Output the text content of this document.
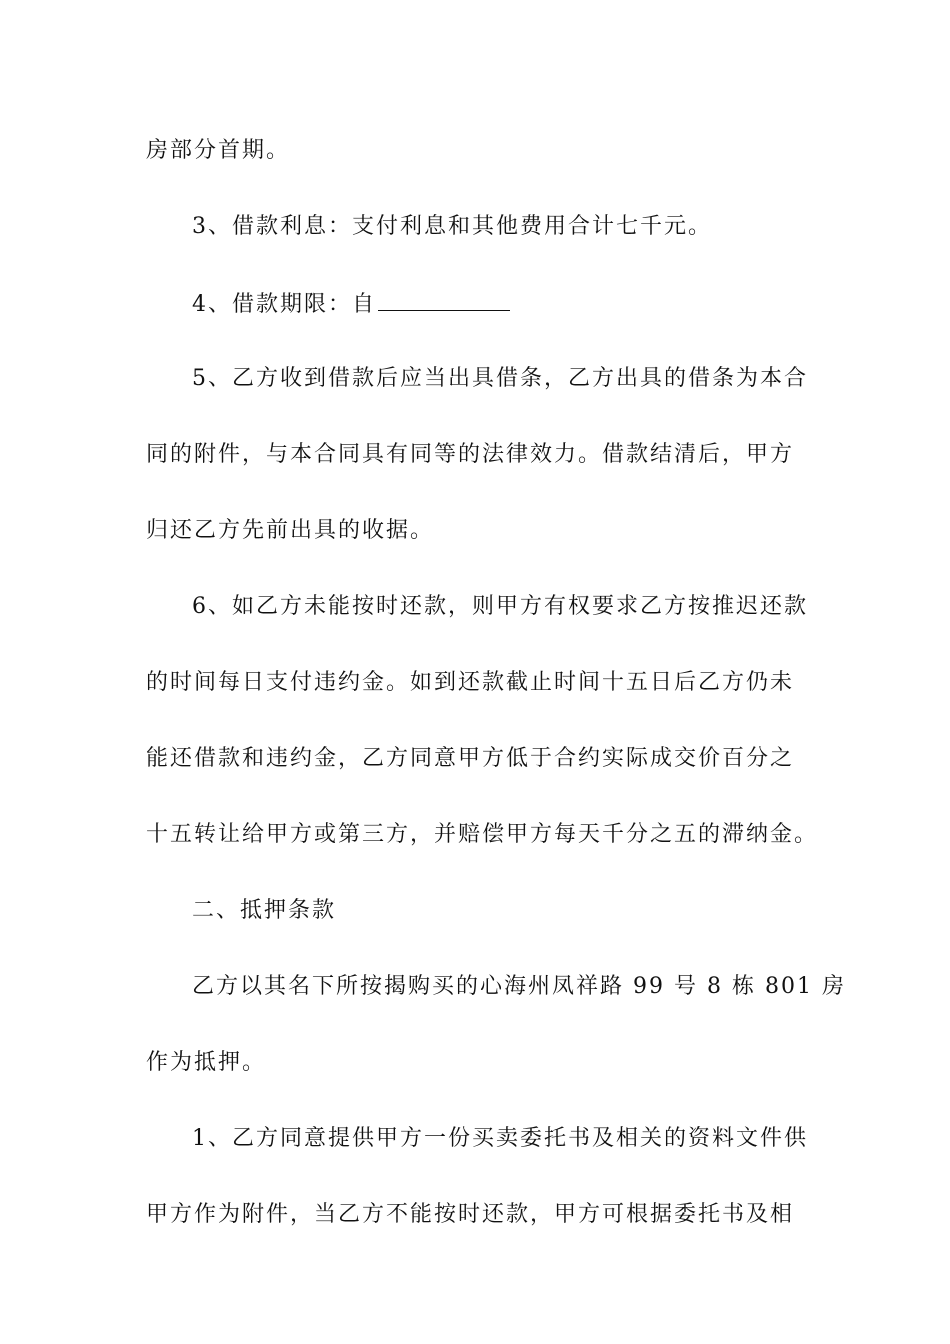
房部分首期。
3、借款利息：支付利息和其他费用合计七千元。
4、借款期限：自
5、乙方收到借款后应当出具借条，乙方出具的借条为本合
同的附件，与本合同具有同等的法律效力。借款结清后，甲方
归还乙方先前出具的收据。
6、如乙方未能按时还款，则甲方有权要求乙方按推迟还款
的时间每日支付违约金。如到还款截止时间十五日后乙方仍未
能还借款和违约金，乙方同意甲方低于合约实际成交价百分之
十五转让给甲方或第三方，并赔偿甲方每天千分之五的滞纳金。
二、抵押条款
乙方以其名下所按揭购买的心海州凤祥路 99 号 8 栋 801 房
作为抵押。
1、乙方同意提供甲方一份买卖委托书及相关的资料文件供
甲方作为附件，当乙方不能按时还款，甲方可根据委托书及相
